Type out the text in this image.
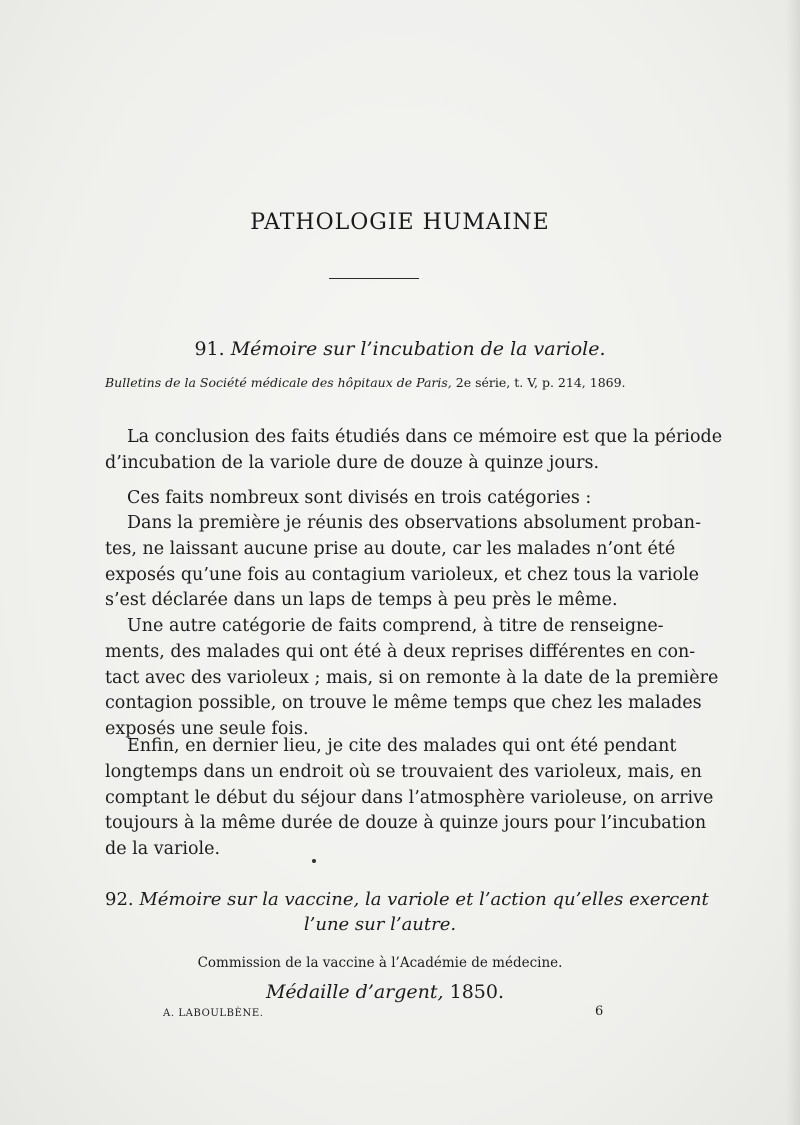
PATHOLOGIE HUMAINE
91. Mémoire sur l’incubation de la variole.
Bulletins de la Société médicale des hôpitaux de Paris, 2e série, t. V, p. 214, 1869.
La conclusion des faits étudiés dans ce mémoire est que la période
d’incubation de la variole dure de douze à quinze jours.
Ces faits nombreux sont divisés en trois catégories :
Dans la première je réunis des observations absolument proban-
tes, ne laissant aucune prise au doute, car les malades n’ont été
exposés qu’une fois au contagium varioleux, et chez tous la variole
s’est déclarée dans un laps de temps à peu près le même.
Une autre catégorie de faits comprend, à titre de renseigne-
ments, des malades qui ont été à deux reprises différentes en con-
tact avec des varioleux ; mais, si on remonte à la date de la première
contagion possible, on trouve le même temps que chez les malades
exposés une seule fois.
Enfin, en dernier lieu, je cite des malades qui ont été pendant
longtemps dans un endroit où se trouvaient des varioleux, mais, en
comptant le début du séjour dans l’atmosphère varioleuse, on arrive
toujours à la même durée de douze à quinze jours pour l’incubation
de la variole.
92. Mémoire sur la vaccine, la variole et l’action qu’elles exercent
l’une sur l’autre.
Commission de la vaccine à l’Académie de médecine.
Médaille d’argent, 1850.
A. LABOULBÈNE.	6
